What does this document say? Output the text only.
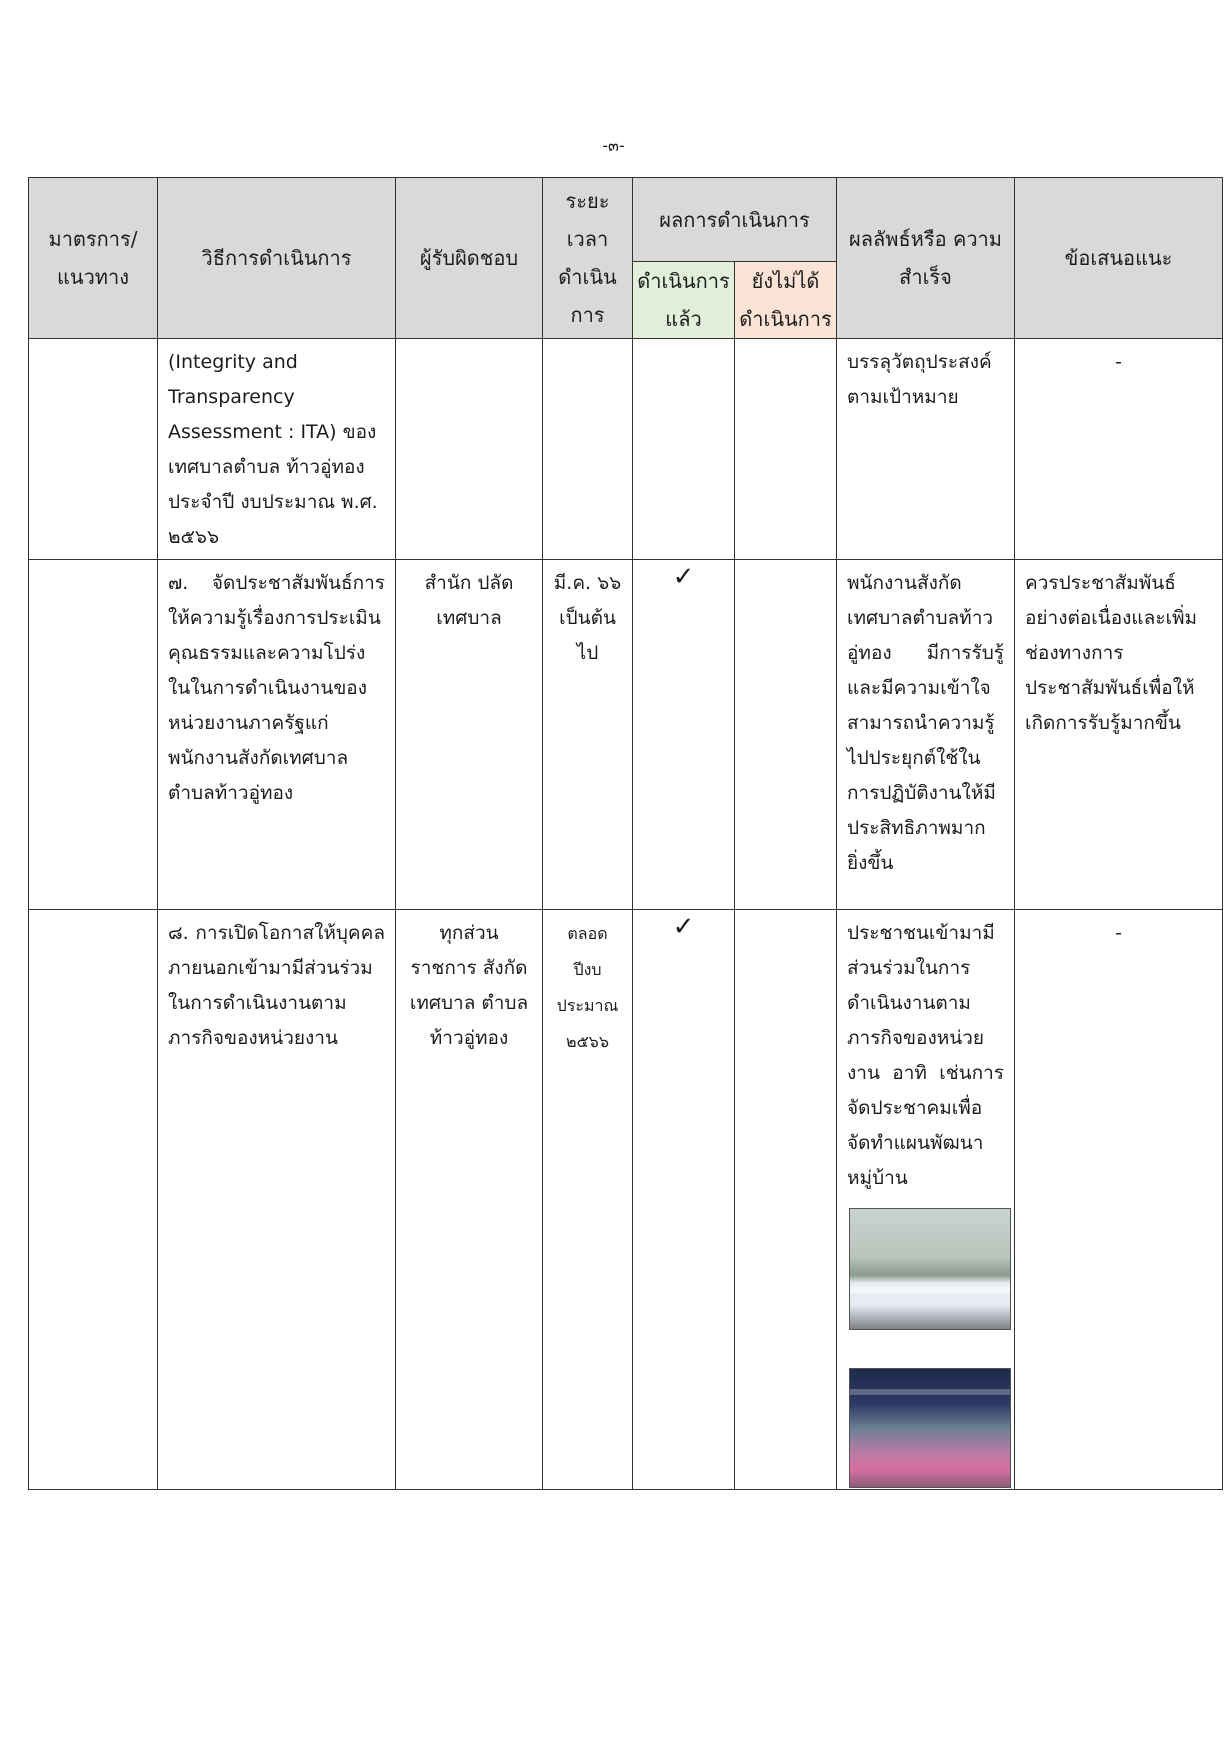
-๓-
มาตรการ/ แนวทาง	วิธีการดำเนินการ	ผู้รับผิดชอบ	ระยะ เวลา ดำเนิน การ	ผลการดำเนินการ		ผลลัพธ์หรือ ความสำเร็จ	ข้อเสนอแนะ
				ดำเนินการ แล้ว	ยังไม่ได้ ดำเนินการ		

	(Integrity and Transparency Assessment : ITA) ของเทศบาลตำบล ท้าวอู่ทอง ประจำปี งบประมาณ พ.ศ. ๒๕๖๖					บรรลุวัตถุประสงค์ ตามเป้าหมาย	-

	๗. จัดประชาสัมพันธ์การให้ความรู้เรื่องการประเมินคุณธรรมและความโปร่งในในการดำเนินงานของหน่วยงานภาครัฐแก่พนักงานสังกัดเทศบาลตำบลท้าวอู่ทอง	สำนัก ปลัดเทศบาล	มี.ค. ๖๖ เป็นต้น ไป	✓		พนักงานสังกัดเทศบาลตำบลท้าวอู่ทอง มีการรับรู้และมีความเข้าใจสามารถนำความรู้ไปประยุกต์ใช้ในการปฏิบัติงานให้มีประสิทธิภาพมากยิ่งขึ้น	ควรประชาสัมพันธ์อย่างต่อเนื่องและเพิ่มช่องทางการประชาสัมพันธ์เพื่อให้เกิดการรับรู้มากขึ้น

	๘. การเปิดโอกาสให้บุคคลภายนอกเข้ามามีส่วนร่วมในการดำเนินงานตามภารกิจของหน่วยงาน	ทุกส่วน ราชการ สังกัดเทศบาล ตำบล ท้าวอู่ทอง	ตลอด ปีงบ ประมาณ ๒๕๖๖	✓		ประชาชนเข้ามามีส่วนร่วมในการดำเนินงานตามภารกิจของหน่วยงาน อาทิ เช่นการจัดประชาคมเพื่อจัดทำแผนพัฒนาหมู่บ้าน	-
